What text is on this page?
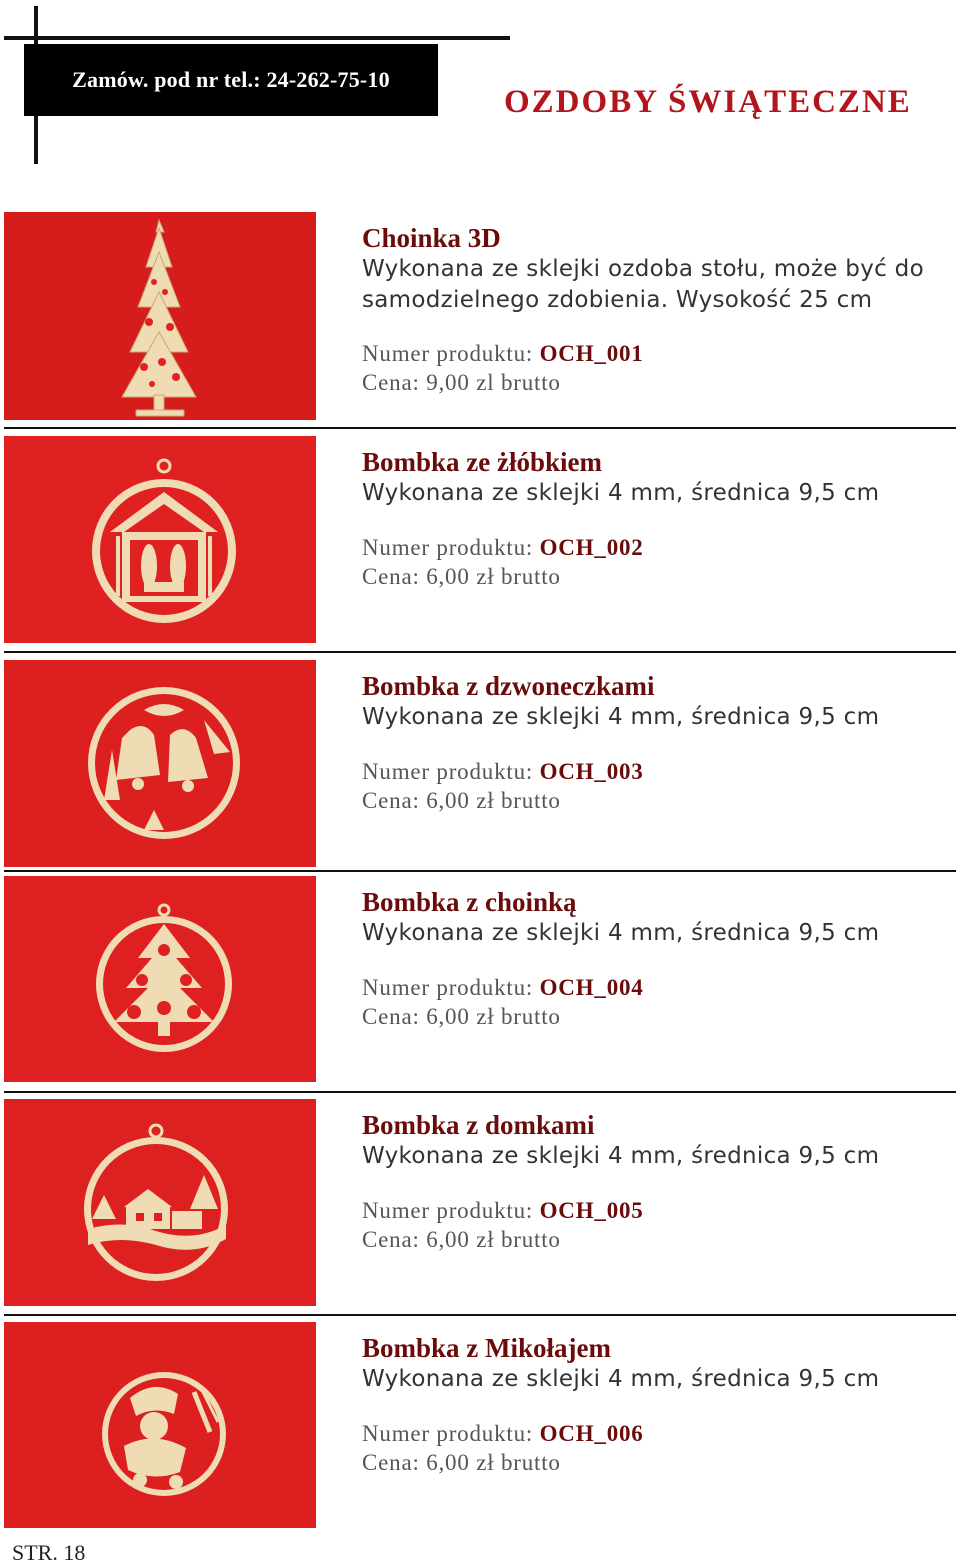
Zamów. pod nr tel.: 24-262-75-10
OZDOBY ŚWIĄTECZNE
Choinka 3D
Wykonana ze sklejki ozdoba stołu, może być do samodzielnego zdobienia. Wysokość 25 cm
Numer produktu: OCH_001
Cena: 9,00 zl brutto
Bombka ze żłóbkiem
Wykonana ze sklejki 4 mm, średnica 9,5 cm
Numer produktu: OCH_002
Cena: 6,00 zł brutto
Bombka z dzwoneczkami
Wykonana ze sklejki 4 mm, średnica 9,5 cm
Numer produktu: OCH_003
Cena: 6,00 zł brutto
Bombka z choinką
Wykonana ze sklejki 4 mm, średnica 9,5 cm
Numer produktu: OCH_004
Cena: 6,00 zł brutto
Bombka z domkami
Wykonana ze sklejki 4 mm, średnica 9,5 cm
Numer produktu: OCH_005
Cena: 6,00 zł brutto
Bombka z Mikołajem
Wykonana ze sklejki 4 mm, średnica 9,5 cm
Numer produktu: OCH_006
Cena: 6,00 zł brutto
STR. 18
